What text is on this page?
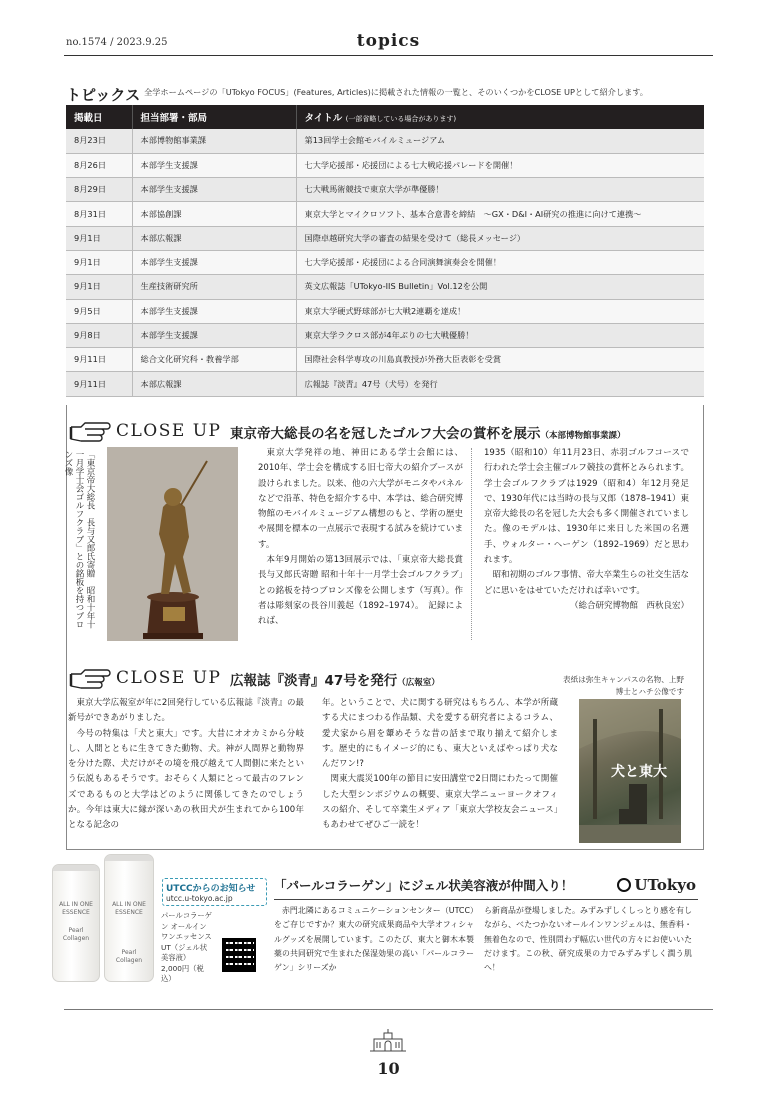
no.1574 / 2023.9.25	topics
トピックス 全学ホームページの「UTokyo FOCUS」(Features, Articles)に掲載された情報の一覧と、そのいくつかをCLOSE UPとして紹介します。
掲載日	担当部署・部局	タイトル (一部省略している場合があります)
8月23日	本部博物館事業課	第13回学士会館モバイルミュージアム
8月26日	本部学生支援課	七大学応援部・応援団による七大戦応援パレードを開催！
8月29日	本部学生支援課	七大戦馬術競技で東京大学が準優勝！
8月31日	本部協創課	東京大学とマイクロソフト、基本合意書を締結　～GX・D&I・AI研究の推進に向けて連携～
9月1日	本部広報課	国際卓越研究大学の審査の結果を受けて（総長メッセージ）
9月1日	本部学生支援課	七大学応援部・応援団による合同演舞演奏会を開催！
9月1日	生産技術研究所	英文広報誌「UTokyo-IIS Bulletin」Vol.12を公開
9月5日	本部学生支援課	東京大学硬式野球部が七大戦2連覇を達成！
9月8日	本部学生支援課	東京大学ラクロス部が4年ぶりの七大戦優勝！
9月11日	総合文化研究科・教養学部	国際社会科学専攻の川島真教授が外務大臣表彰を受賞
9月11日	本部広報課	広報誌『淡青』47号（犬号）を発行
CLOSE UP 東京帝大総長の名を冠したゴルフ大会の賞杯を展示（本部博物館事業課）
「東京帝大総長　長与又郎氏寄贈　昭和十年十一月学士会ゴルフクラブ」との銘板を持つブロンズ像	東京大学発祥の地、神田にある学士会館には、2010年、学士会を構成する旧七帝大の紹介ブースが設けられました。以来、他の六大学がモニタやパネルなどで沿革、特色を紹介する中、本学は、総合研究博物館のモバイルミュージアム構想のもと、学術の歴史や展開を標本の一点展示で表現する試みを続けています。

本年9月開始の第13回展示では、「東京帝大総長賞 長与又郎氏寄贈 昭和十年十一月学士会ゴルフクラブ」との銘板を持つブロンズ像を公開します（写真）。作者は彫刻家の長谷川義起（1892–1974）。　記録によれば、

1935（昭和10）年11月23日、赤羽ゴルフコースで行われた学士会主催ゴルフ競技の賞杯とみられます。学士会ゴルフクラブは1929（昭和4）年12月発足で、1930年代には当時の長与又郎（1878–1941）東京帝大総長の名を冠した大会も多く開催されていました。像のモデルは、1930年に来日した米国の名選手、ウォルター・ヘーゲン（1892–1969）だと思われます。

昭和初期のゴルフ事情、帝大卒業生らの社交生活などに思いをはせていただければ幸いです。

（総合研究博物館　西秋良宏）

CLOSE UP 広報誌『淡青』47号を発行（広報室）

東京大学広報室が年に2回発行している広報誌『淡青』の最新号ができあがりました。

今号の特集は「犬と東大」です。大昔にオオカミから分岐し、人間とともに生きてきた動物、犬。神が人間界と動物界を分けた際、犬だけがその境を飛び越えて人間側に来たという伝説もあるそうです。おそらく人類にとって最古のフレンズであるものと大学はどのように関係してきたのでしょうか。今年は東大に縁が深いあの秋田犬が生まれてから100年となる記念の

年。ということで、犬に関する研究はもちろん、本学が所蔵する犬にまつわる作品類、犬を愛する研究者によるコラム、愛犬家から眉を顰めそうな昔の話まで取り揃えて紹介します。歴史的にもイメージ的にも、東大といえばやっぱり犬なんだワン!?

関東大震災100年の節目に安田講堂で2日間にわたって開催した大型シンポジウムの概要、東京大学ニューヨークオフィスの紹介、そして卒業生メディア「東京大学校友会ニュース」もあわせてぜひご一読を！

表紙は弥生キャンパスの名物、上野博士とハチ公像です
犬と東大
ALL IN ONE ESSENCE
Pearl Collagen
ALL IN ONE ESSENCE
Pearl Collagen
UTCCからのお知らせ
utcc.u-tokyo.ac.jp
パールコラーゲン オールインワンエッセンスUT（ジェル状美容液）
2,000円（税込）
「パールコラーゲン」にジェル状美容液が仲間入り！	UTokyo

赤門北隣にあるコミュニケーションセンター（UTCC）をご存じですか？東大の研究成果商品や大学オフィシャルグッズを展開しています。このたび、東大と御木本製薬の共同研究で生まれた保湿効果の高い「パールコラーゲン」シリーズか

ら新商品が登場しました。みずみずしくしっとり感を有しながら、べたつかないオールインワンジェルは、無香料・無着色なので、性別問わず幅広い世代の方々にお使いいただけます。この秋、研究成果の力でみずみずしく潤う肌へ！

10
